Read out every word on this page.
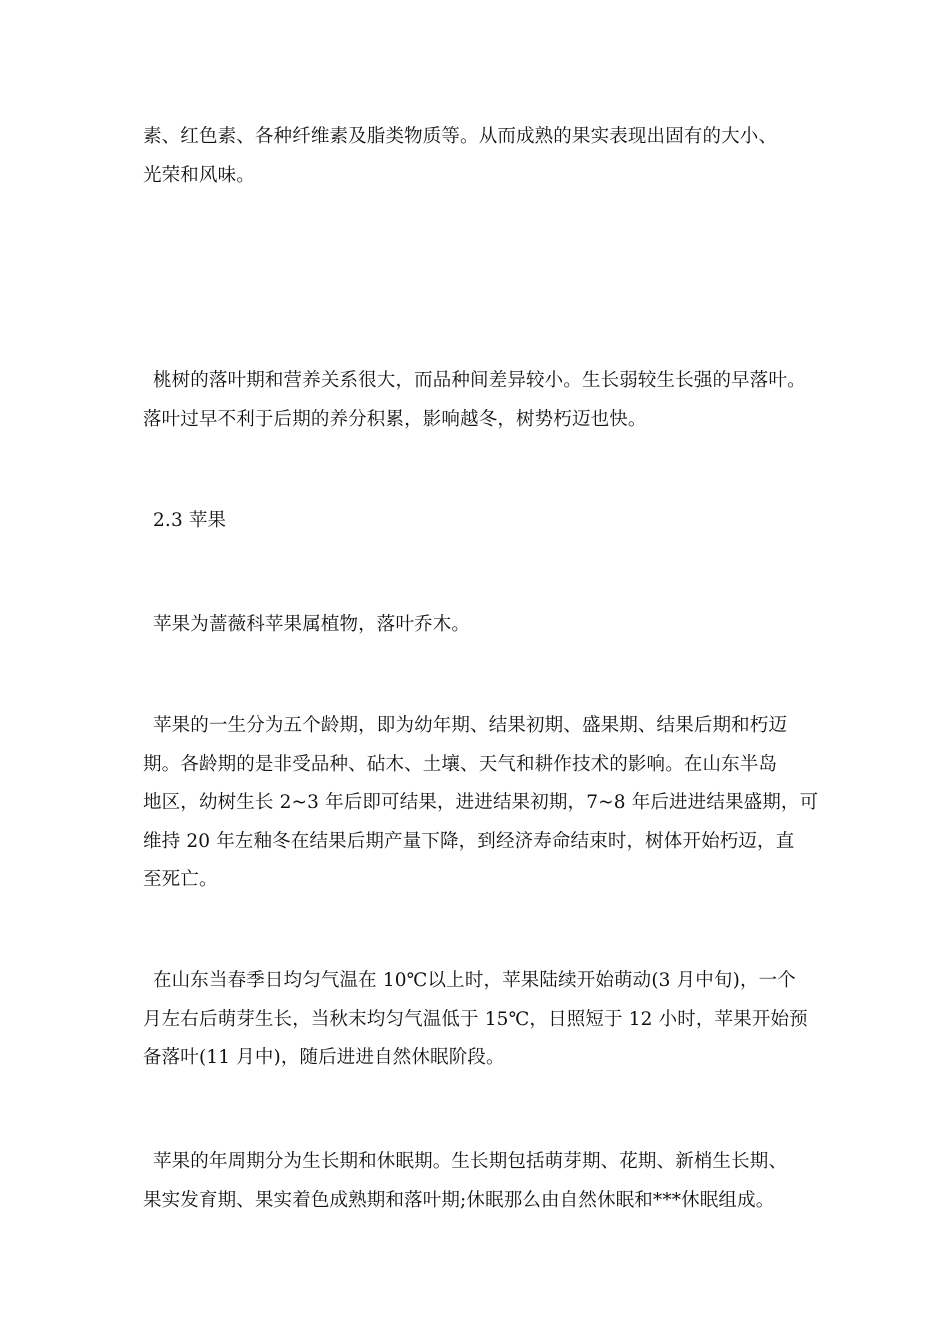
素、红色素、各种纤维素及脂类物质等。从而成熟的果实表现出固有的大小、
光荣和风味。
桃树的落叶期和营养关系很大，而品种间差异较小。生长弱较生长强的早落叶。
落叶过早不利于后期的养分积累，影响越冬，树势朽迈也快。
2.3 苹果
苹果为蔷薇科苹果属植物，落叶乔木。
苹果的一生分为五个龄期，即为幼年期、结果初期、盛果期、结果后期和朽迈
期。各龄期的是非受品种、砧木、土壤、天气和耕作技术的影响。在山东半岛
地区，幼树生长 2~3 年后即可结果，进进结果初期，7~8 年后进进结果盛期，可
维持 20 年左釉冬在结果后期产量下降，到经济寿命结束时，树体开始朽迈，直
至死亡。
在山东当春季日均匀气温在 10℃以上时，苹果陆续开始萌动(3 月中旬)，一个
月左右后萌芽生长，当秋末均匀气温低于 15℃，日照短于 12 小时，苹果开始预
备落叶(11 月中)，随后进进自然休眠阶段。
苹果的年周期分为生长期和休眠期。生长期包括萌芽期、花期、新梢生长期、
果实发育期、果实着色成熟期和落叶期;休眠那么由自然休眠和***休眠组成。
